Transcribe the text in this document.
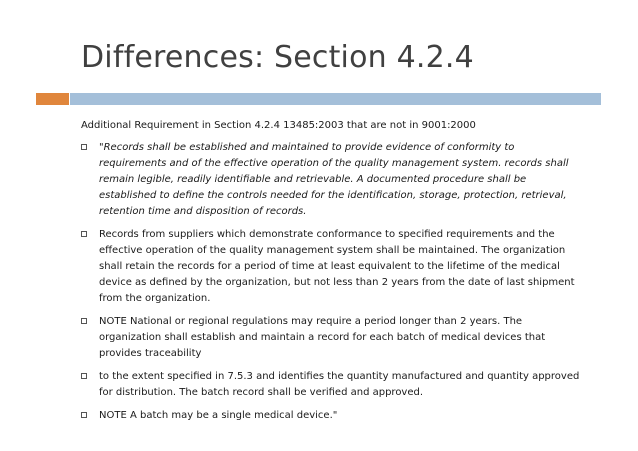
Differences: Section 4.2.4

Additional Requirement in Section 4.2.4 13485:2003 that are not in 9001:2000

"Records shall be established and maintained to provide evidence of conformity to requirements and of the effective operation of the quality management system. records shall remain legible, readily identifiable and retrievable. A documented procedure shall be established to define the controls needed for the identification, storage, protection, retrieval, retention time and disposition of records.
Records from suppliers which demonstrate conformance to specified requirements and the effective operation of the quality management system shall be maintained. The organization shall retain the records for a period of time at least equivalent to the lifetime of the medical device as defined by the organization, but not less than 2 years from the date of last shipment from the organization.
NOTE National or regional regulations may require a period longer than 2 years. The organization shall establish and maintain a record for each batch of medical devices that provides traceability
to the extent specified in 7.5.3 and identifies the quantity manufactured and quantity approved for distribution. The batch record shall be verified and approved.
NOTE A batch may be a single medical device."
